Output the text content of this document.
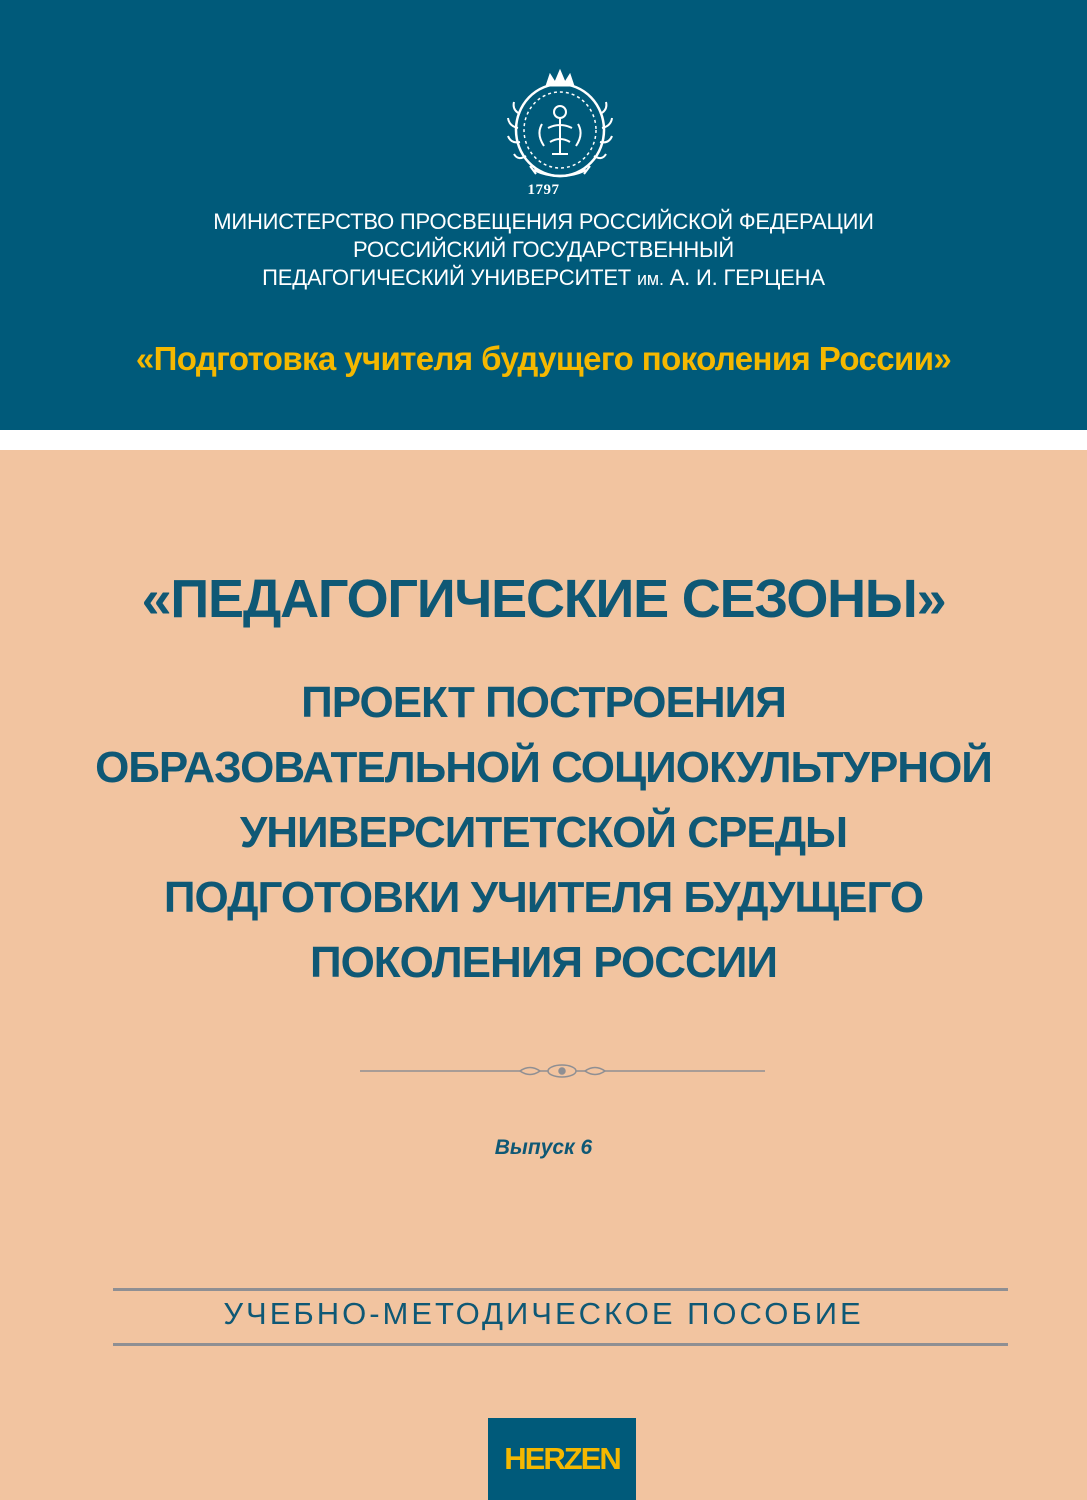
1797
МИНИСТЕРСТВО ПРОСВЕЩЕНИЯ РОССИЙСКОЙ ФЕДЕРАЦИИ
РОССИЙСКИЙ ГОСУДАРСТВЕННЫЙ
ПЕДАГОГИЧЕСКИЙ УНИВЕРСИТЕТ им. А. И. ГЕРЦЕНА
«Подготовка учителя будущего поколения России»
«ПЕДАГОГИЧЕСКИЕ СЕЗОНЫ»
ПРОЕКТ ПОСТРОЕНИЯ
ОБРАЗОВАТЕЛЬНОЙ СОЦИОКУЛЬТУРНОЙ
УНИВЕРСИТЕТСКОЙ СРЕДЫ
ПОДГОТОВКИ УЧИТЕЛЯ БУДУЩЕГО
ПОКОЛЕНИЯ РОССИИ
Выпуск 6
УЧЕБНО-МЕТОДИЧЕСКОЕ ПОСОБИЕ
HERZEN
